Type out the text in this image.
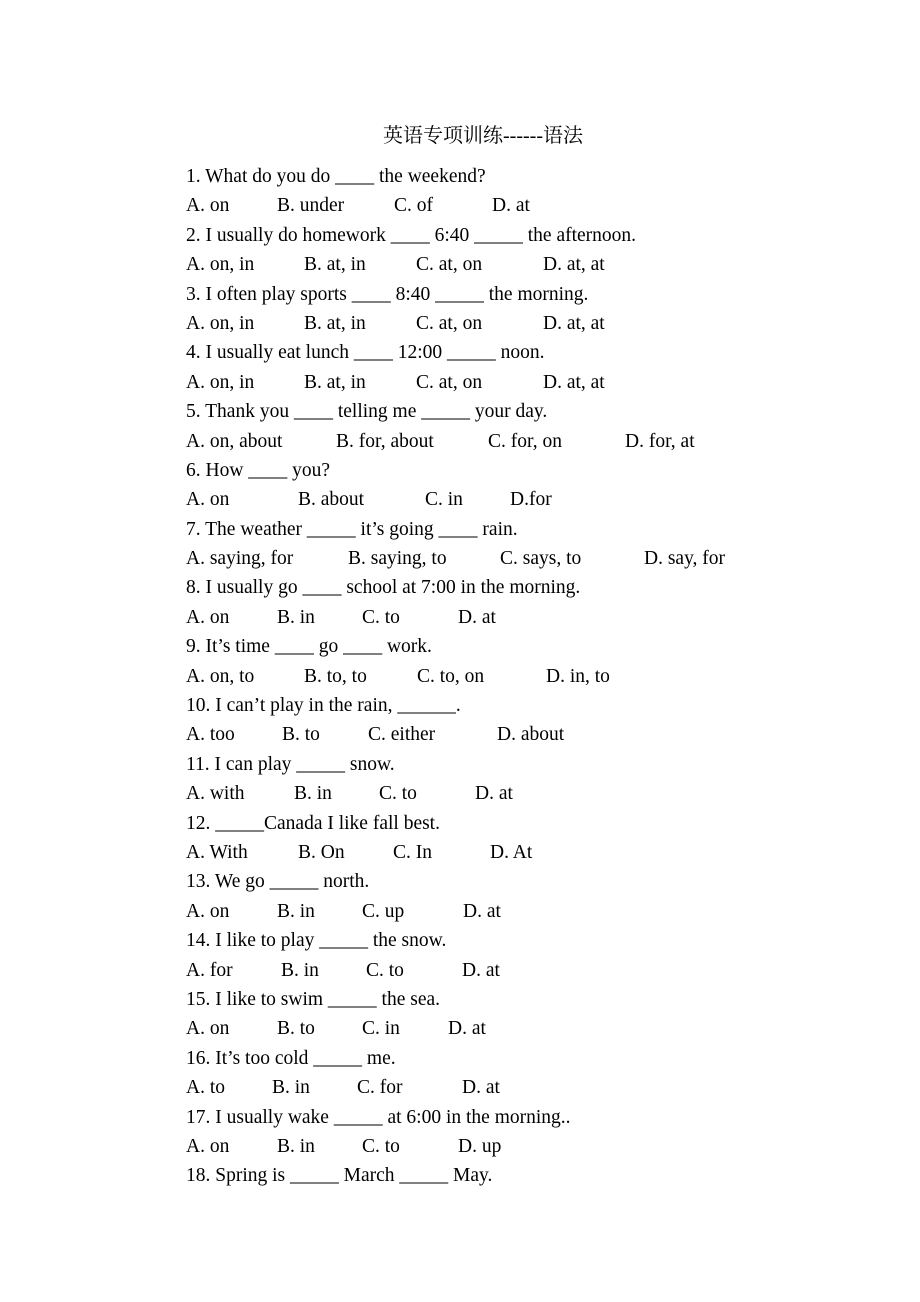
英语专项训练------语法
1. What do you do ____ the weekend?
A. on B. under	C. of	D. at
2. I usually do homework ____ 6:40 _____ the afternoon.
A. on, in	B. at, in	C. at, on	D. at, at
3. I often play sports ____ 8:40 _____ the morning.
A. on, in	B. at, in	C. at, on	D. at, at
4. I usually eat lunch ____ 12:00 _____ noon.
A. on, in	B. at, in	C. at, on	D. at, at
5. Thank you ____ telling me _____ your day.
A. on, about	B. for, about	C. for, on	D. for, at
6. How ____ you?
A. on	B. about	C. in D.for
7. The weather _____ it’s going ____ rain.
A. saying, for	B. saying, to	C. says, to	D. say, for
8. I usually go ____ school at 7:00 in the morning.
A. on B. in C. to	D. at
9. It’s time ____ go ____ work.
A. on, to	B. to, to	C. to, on	D. in, to
10. I can’t play in the rain, ______.
A. too B. to C. either	D. about
11. I can play _____ snow.
A. with	B. in C. to	D. at
12. _____Canada I like fall best.
A. With	B. On C. In	D. At
13. We go _____ north.
A. on B. in C. up	D. at
14. I like to play _____ the snow.
A. for B. in C. to	D. at
15. I like to swim _____ the sea.
A. on B. to C. in D. at
16. It’s too cold _____ me.
A. to B. in C. for	D. at
17. I usually wake _____ at 6:00 in the morning..
A. on B. in C. to	D. up
18. Spring is _____ March _____ May.
